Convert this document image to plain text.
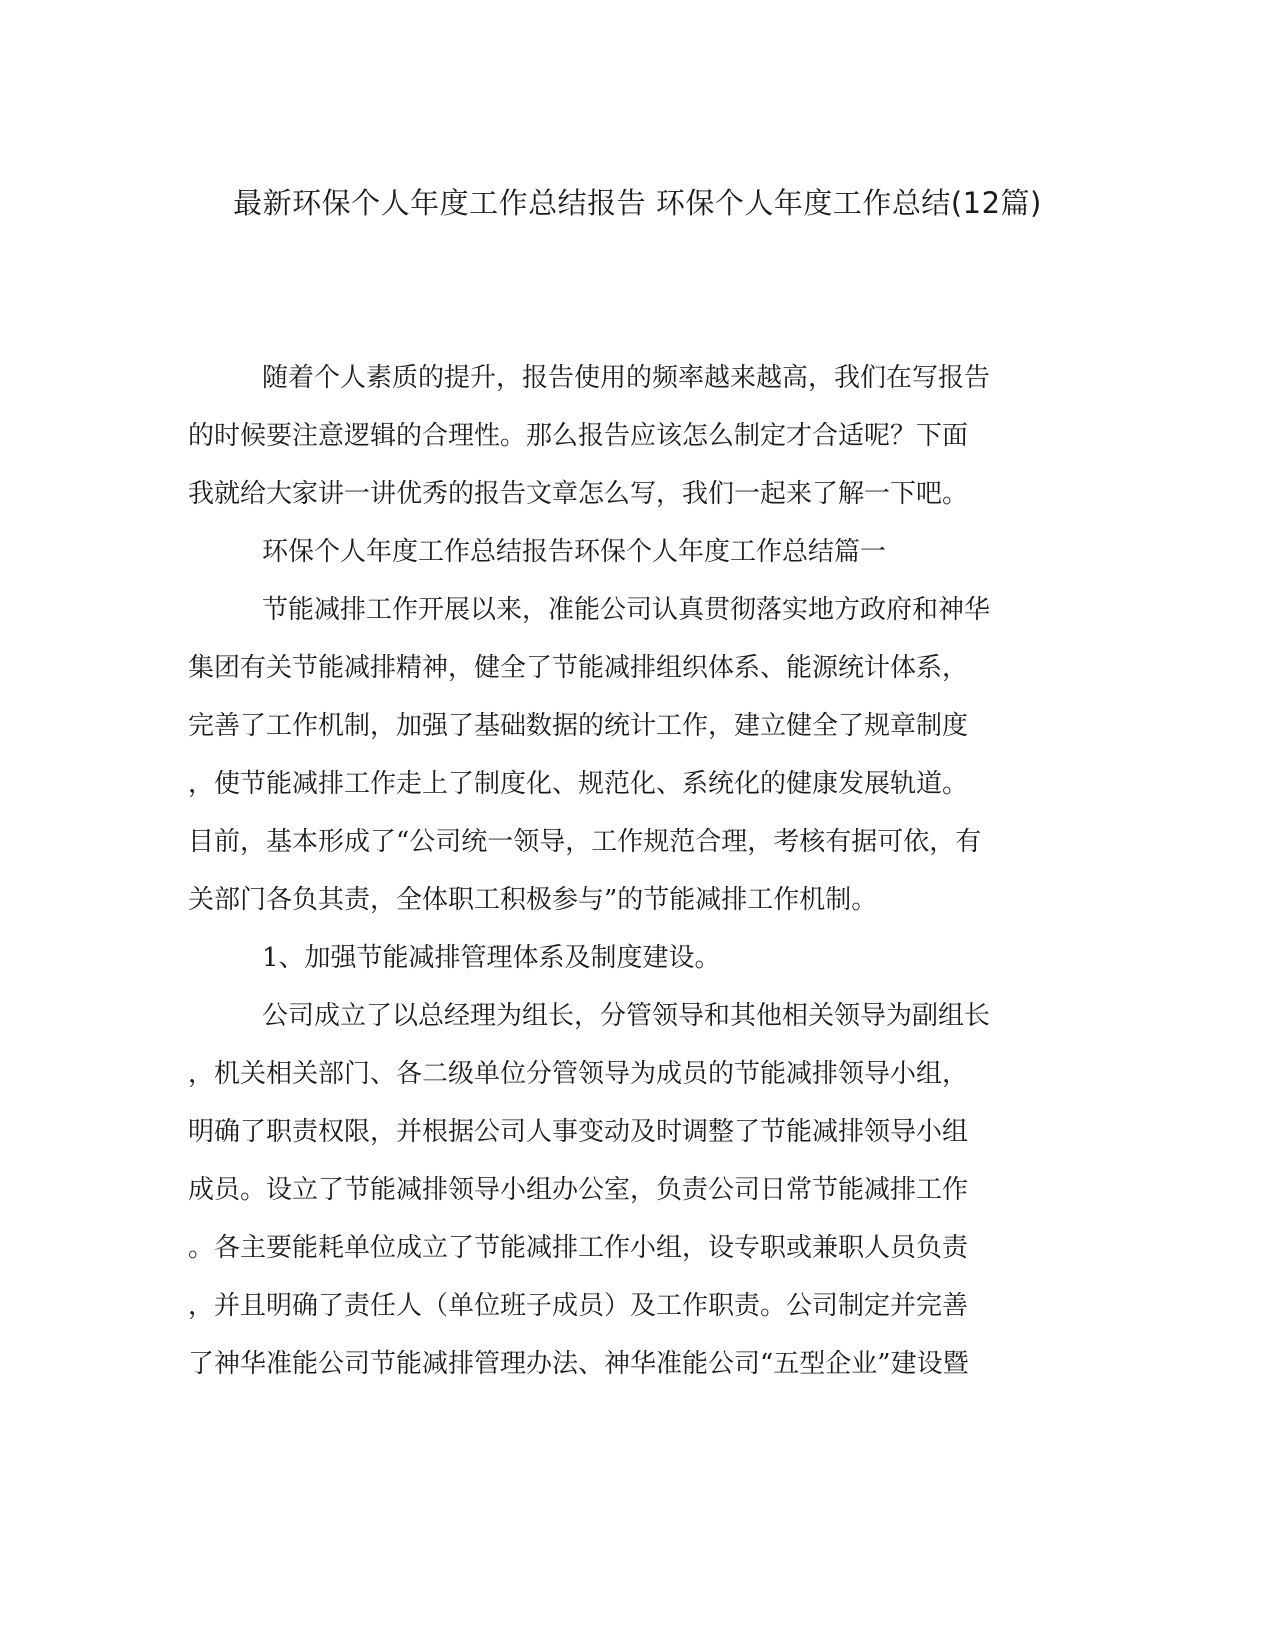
最新环保个人年度工作总结报告 环保个人年度工作总结(12篇)

随着个人素质的提升，报告使用的频率越来越高，我们在写报告

的时候要注意逻辑的合理性。那么报告应该怎么制定才合适呢？下面

我就给大家讲一讲优秀的报告文章怎么写，我们一起来了解一下吧。

环保个人年度工作总结报告环保个人年度工作总结篇一

节能减排工作开展以来，准能公司认真贯彻落实地方政府和神华

集团有关节能减排精神，健全了节能减排组织体系、能源统计体系，

完善了工作机制，加强了基础数据的统计工作，建立健全了规章制度

，使节能减排工作走上了制度化、规范化、系统化的健康发展轨道。

目前，基本形成了“公司统一领导，工作规范合理，考核有据可依，有

关部门各负其责，全体职工积极参与”的节能减排工作机制。

1、加强节能减排管理体系及制度建设。

公司成立了以总经理为组长，分管领导和其他相关领导为副组长

，机关相关部门、各二级单位分管领导为成员的节能减排领导小组，

明确了职责权限，并根据公司人事变动及时调整了节能减排领导小组

成员。设立了节能减排领导小组办公室，负责公司日常节能减排工作

。各主要能耗单位成立了节能减排工作小组，设专职或兼职人员负责

，并且明确了责任人（单位班子成员）及工作职责。公司制定并完善

了神华准能公司节能减排管理办法、神华准能公司“五型企业”建设暨
